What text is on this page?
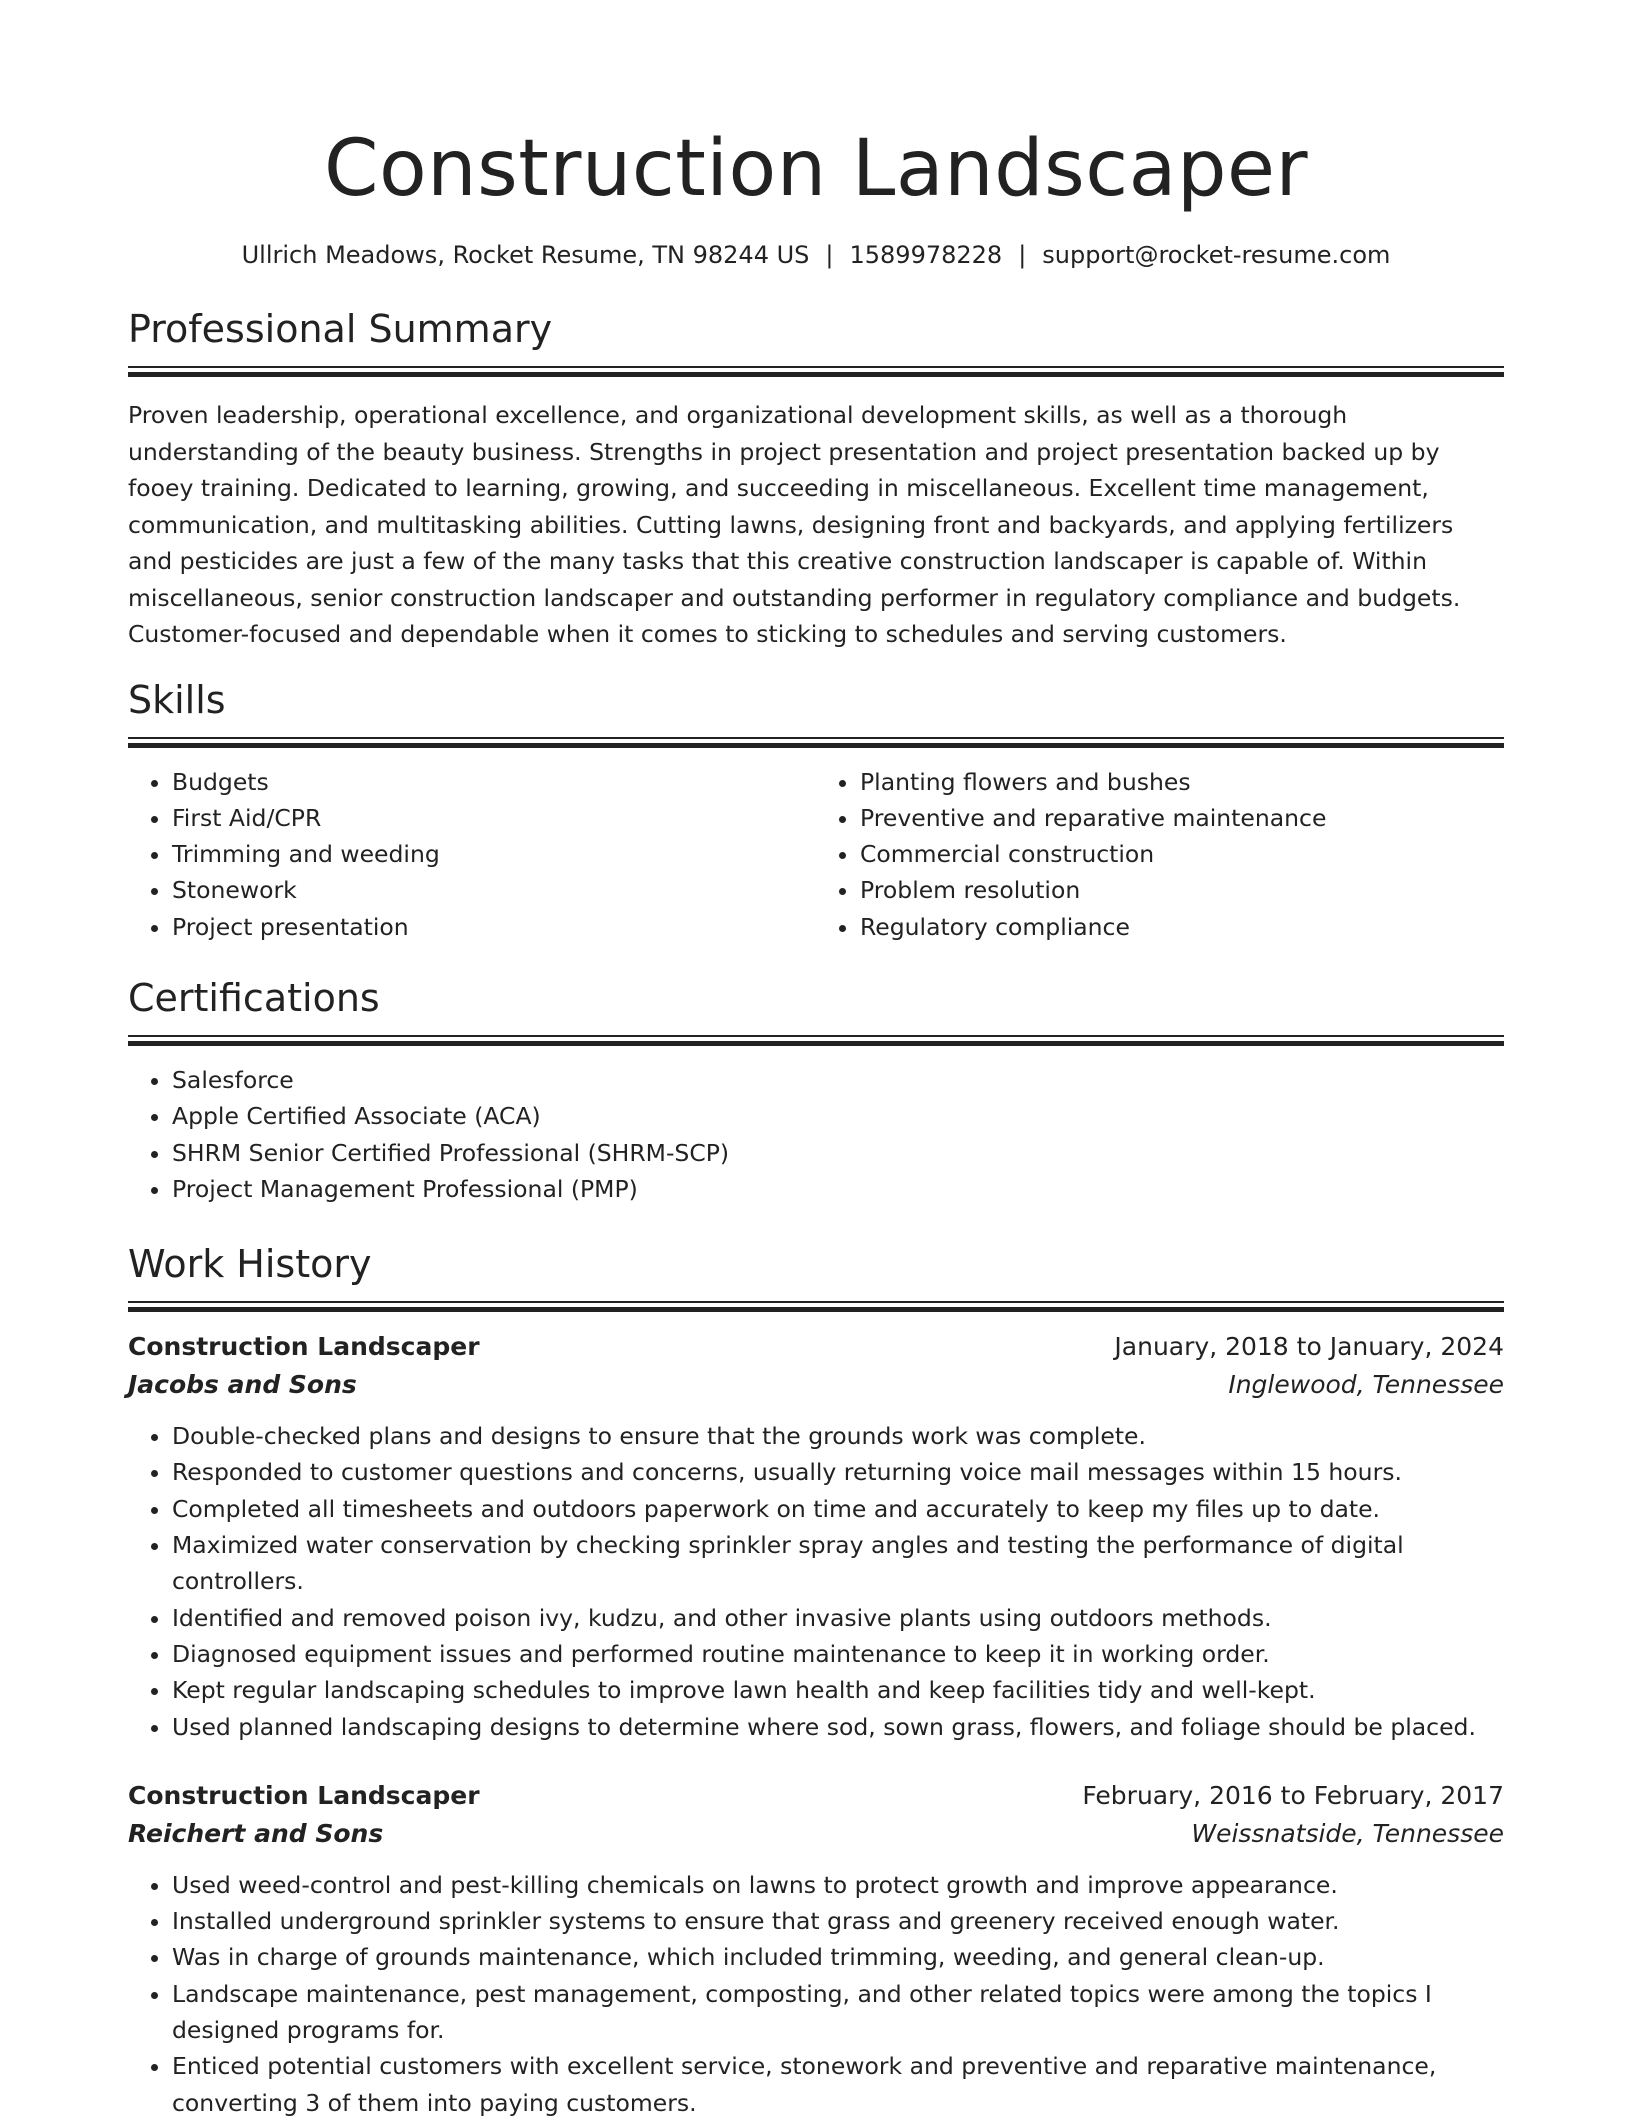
Construction Landscaper
Ullrich Meadows, Rocket Resume, TN 98244 US | 1589978228 | support@rocket-resume.com
Professional Summary

Proven leadership, operational excellence, and organizational development skills, as well as a thorough understanding of the beauty business. Strengths in project presentation and project presentation backed up by fooey training. Dedicated to learning, growing, and succeeding in miscellaneous. Excellent time management, communication, and multitasking abilities. Cutting lawns, designing front and backyards, and applying fertilizers and pesticides are just a few of the many tasks that this creative construction landscaper is capable of. Within miscellaneous, senior construction landscaper and outstanding performer in regulatory compliance and budgets. Customer-focused and dependable when it comes to sticking to schedules and serving customers.

Skills
• Budgets
• First Aid/CPR
• Trimming and weeding
• Stonework
• Project presentation
• Planting flowers and bushes
• Preventive and reparative maintenance
• Commercial construction
• Problem resolution
• Regulatory compliance
Certifications
• Salesforce
• Apple Certified Associate (ACA)
• SHRM Senior Certified Professional (SHRM-SCP)
• Project Management Professional (PMP)
Work History
Construction Landscaper	January, 2018 to January, 2024
Jacobs and Sons	Inglewood, Tennessee
• Double-checked plans and designs to ensure that the grounds work was complete.
• Responded to customer questions and concerns, usually returning voice mail messages within 15 hours.
• Completed all timesheets and outdoors paperwork on time and accurately to keep my files up to date.
• Maximized water conservation by checking sprinkler spray angles and testing the performance of digital controllers.
• Identified and removed poison ivy, kudzu, and other invasive plants using outdoors methods.
• Diagnosed equipment issues and performed routine maintenance to keep it in working order.
• Kept regular landscaping schedules to improve lawn health and keep facilities tidy and well-kept.
• Used planned landscaping designs to determine where sod, sown grass, flowers, and foliage should be placed.
Construction Landscaper	February, 2016 to February, 2017
Reichert and Sons	Weissnatside, Tennessee
• Used weed-control and pest-killing chemicals on lawns to protect growth and improve appearance.
• Installed underground sprinkler systems to ensure that grass and greenery received enough water.
• Was in charge of grounds maintenance, which included trimming, weeding, and general clean-up.
• Landscape maintenance, pest management, composting, and other related topics were among the topics I designed programs for.
• Enticed potential customers with excellent service, stonework and preventive and reparative maintenance, converting 3 of them into paying customers.
